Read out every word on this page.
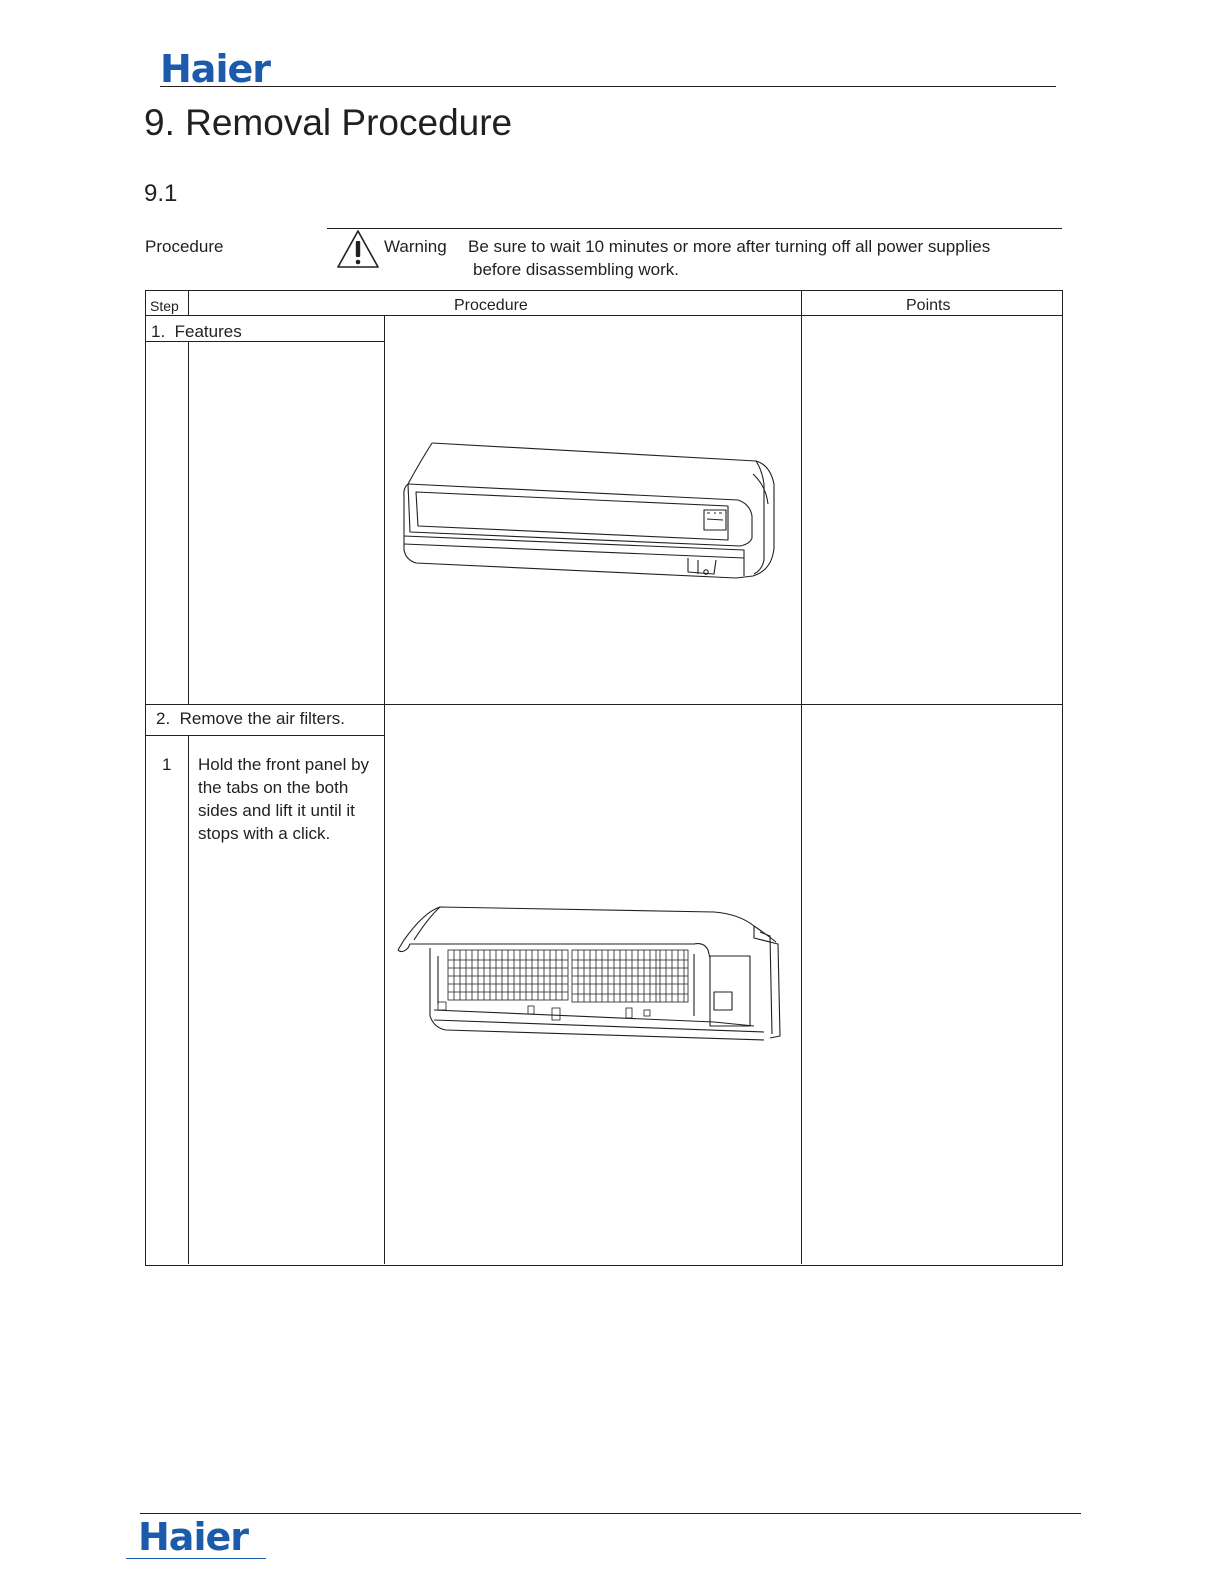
Haier
9. Removal Procedure
9.1
Procedure	Warning Be sure to wait 10 minutes or more after turning off all power supplies
before disassembling work.
Step	Procedure	Points
1.  Features
2.  Remove the air filters.
1 Hold the front panel by the tabs on the both sides and lift it until it stops with a click.
Haier
